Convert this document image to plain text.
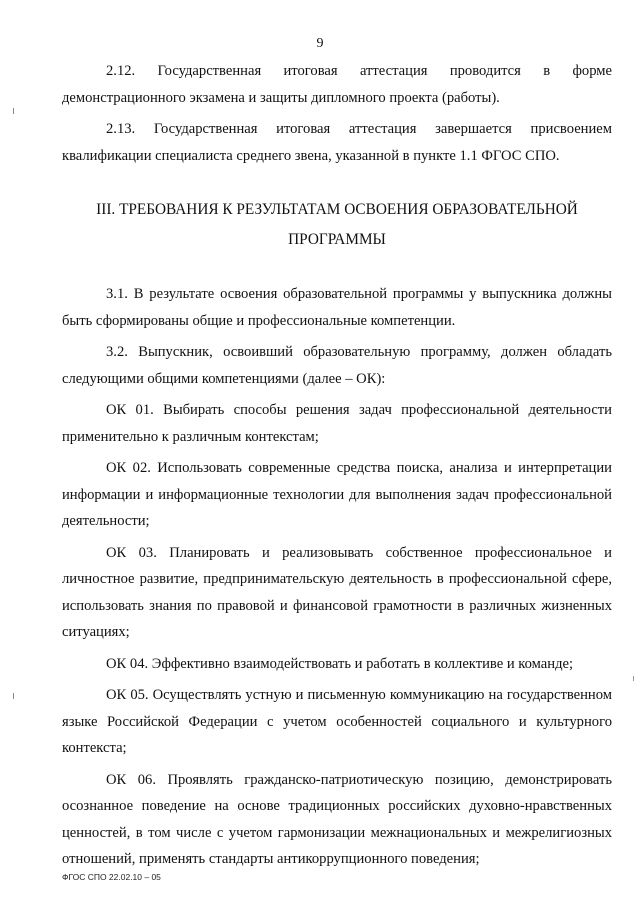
9

2.12. Государственная итоговая аттестация проводится в форме демонстрационного экзамена и защиты дипломного проекта (работы).

2.13. Государственная итоговая аттестация завершается присвоением квалификации специалиста среднего звена, указанной в пункте 1.1 ФГОС СПО.

III. ТРЕБОВАНИЯ К РЕЗУЛЬТАТАМ ОСВОЕНИЯ ОБРАЗОВАТЕЛЬНОЙ
ПРОГРАММЫ

3.1. В результате освоения образовательной программы у выпускника должны быть сформированы общие и профессиональные компетенции.

3.2. Выпускник, освоивший образовательную программу, должен обладать следующими общими компетенциями (далее – ОК):

ОК 01. Выбирать способы решения задач профессиональной деятельности применительно к различным контекстам;

ОК 02. Использовать современные средства поиска, анализа и интерпретации информации и информационные технологии для выполнения задач профессиональной деятельности;

ОК 03. Планировать и реализовывать собственное профессиональное и личностное развитие, предпринимательскую деятельность в профессиональной сфере, использовать знания по правовой и финансовой грамотности в различных жизненных ситуациях;

ОК 04. Эффективно взаимодействовать и работать в коллективе и команде;

ОК 05. Осуществлять устную и письменную коммуникацию на государственном языке Российской Федерации с учетом особенностей социального и культурного контекста;

ОК 06. Проявлять гражданско-патриотическую позицию, демонстрировать осознанное поведение на основе традиционных российских духовно-нравственных ценностей, в том числе с учетом гармонизации межнациональных и межрелигиозных отношений, применять стандарты антикоррупционного поведения;

ФГОС СПО 22.02.10 – 05
